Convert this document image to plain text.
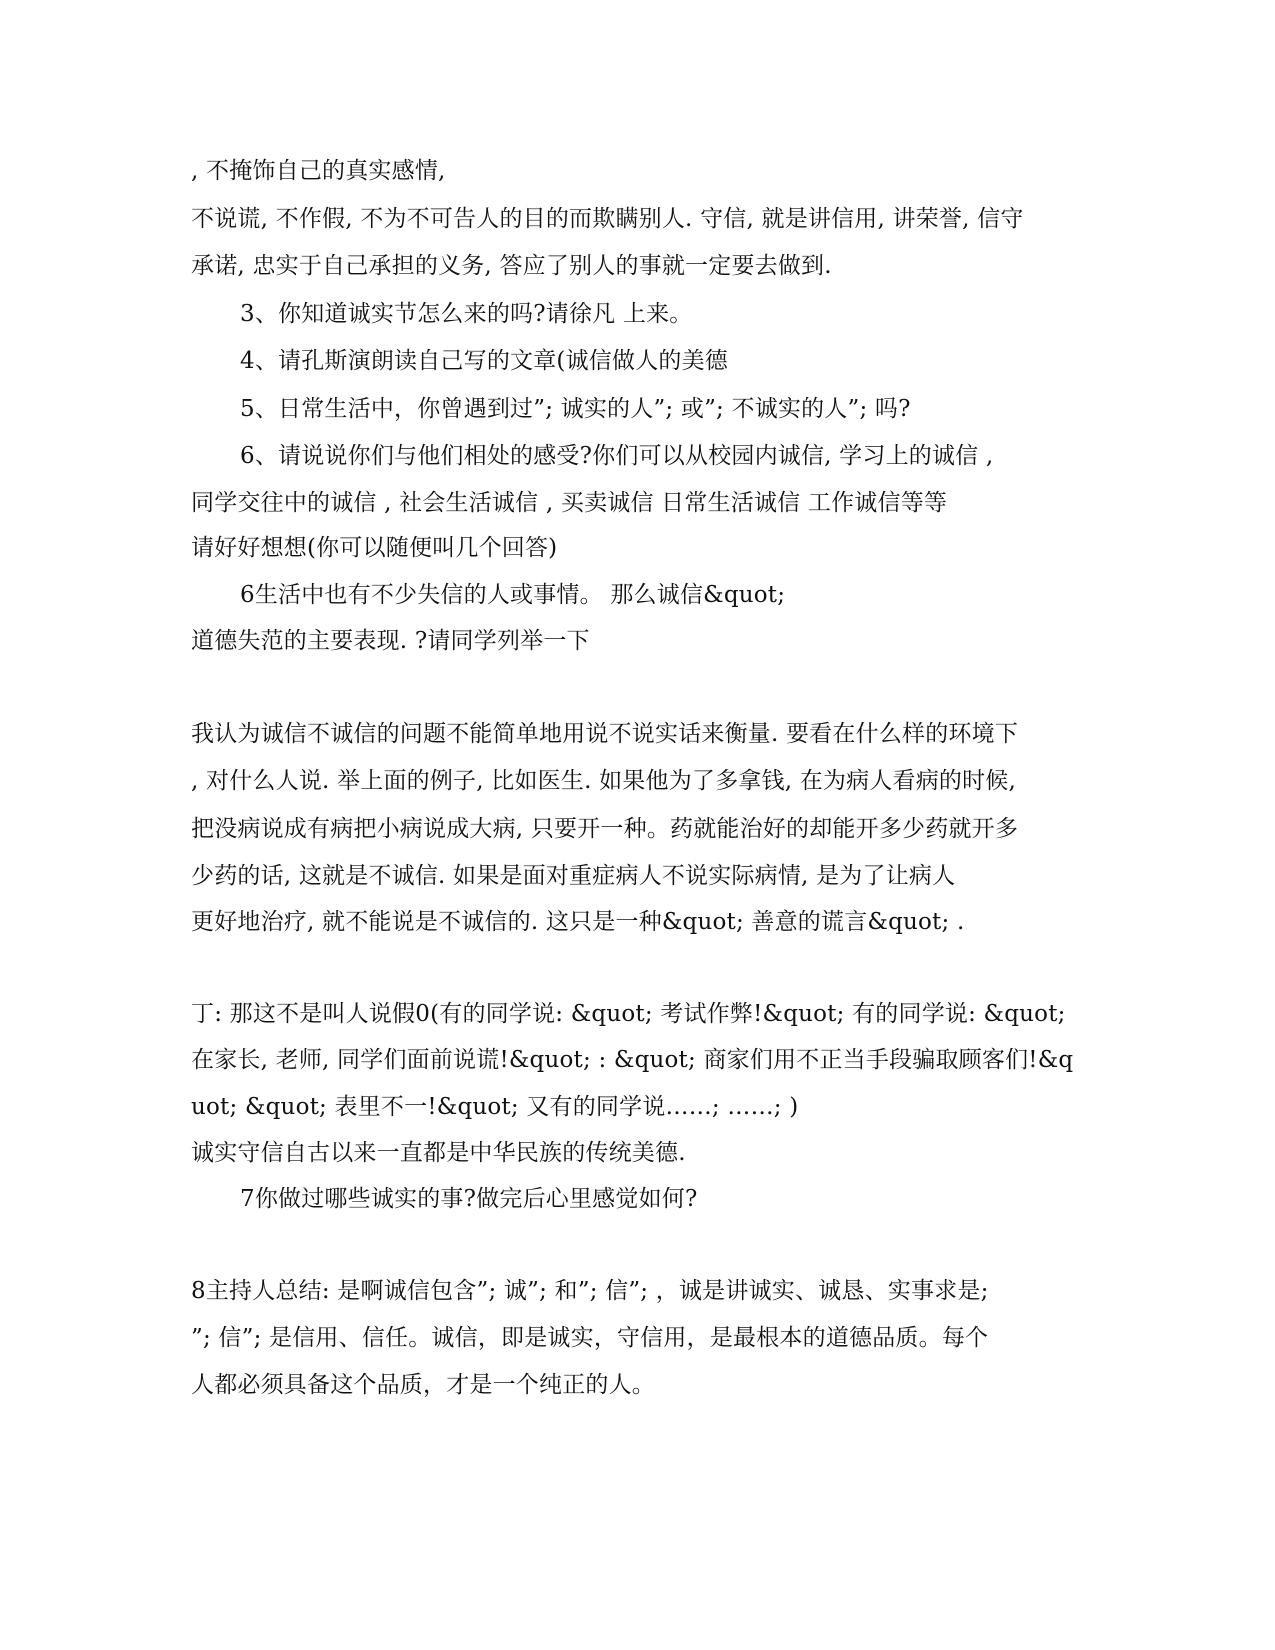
, 不掩饰自己的真实感情,
不说谎, 不作假, 不为不可告人的目的而欺瞒别人. 守信, 就是讲信用, 讲荣誉, 信守
承诺, 忠实于自己承担的义务, 答应了别人的事就一定要去做到.
3、你知道诚实节怎么来的吗?请徐凡 上来。
4、请孔斯演朗读自己写的文章(诚信做人的美德
5、日常生活中，你曾遇到过”; 诚实的人”; 或”; 不诚实的人”; 吗?
6、请说说你们与他们相处的感受?你们可以从校园内诚信, 学习上的诚信 ,
同学交往中的诚信 , 社会生活诚信 , 买卖诚信 日常生活诚信 工作诚信等等
请好好想想(你可以随便叫几个回答)
6生活中也有不少失信的人或事情。 那么诚信&quot;
道德失范的主要表现. ?请同学列举一下
我认为诚信不诚信的问题不能简单地用说不说实话来衡量. 要看在什么样的环境下
, 对什么人说. 举上面的例子, 比如医生. 如果他为了多拿钱, 在为病人看病的时候,
把没病说成有病把小病说成大病, 只要开一种。药就能治好的却能开多少药就开多
少药的话, 这就是不诚信. 如果是面对重症病人不说实际病情, 是为了让病人
更好地治疗, 就不能说是不诚信的. 这只是一种&quot; 善意的谎言&quot; .
丁: 那这不是叫人说假0(有的同学说: &quot; 考试作弊!&quot; 有的同学说: &quot;
在家长, 老师, 同学们面前说谎!&quot; : &quot; 商家们用不正当手段骗取顾客们!&q
uot; &quot; 表里不一!&quot; 又有的同学说……; ……; )
诚实守信自古以来一直都是中华民族的传统美德.
7你做过哪些诚实的事?做完后心里感觉如何?
8主持人总结: 是啊诚信包含”; 诚”; 和”; 信”; ，诚是讲诚实、诚恳、实事求是;
”; 信”; 是信用、信任。诚信，即是诚实，守信用，是最根本的道德品质。每个
人都必须具备这个品质，才是一个纯正的人。
